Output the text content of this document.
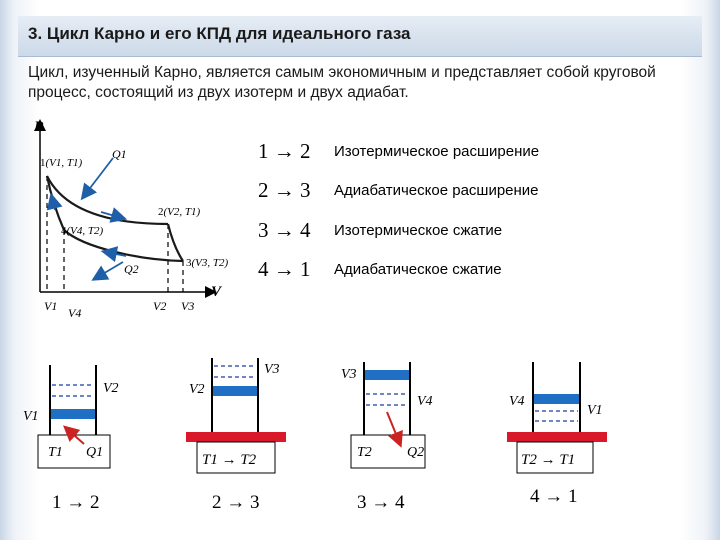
3. Цикл Карно и его КПД для идеального газа
Цикл, изученный Карно, является самым экономичным и представляет собой круговой процесс, состоящий из двух изотерм и двух адиабат.
P
V
1(V1, T1)
2(V2, T1)
3(V3, T2)
4(V4, T2)
Q1
Q2
V1 V4	V2 V3
V1
V2
T1 Q1
1 → 2
V2
V3
T1 → T2
2 → 3
V3
V4
T2	Q2
3 → 4
V4
V1
T2 → T1
4 → 1
1 → 2 Изотермическое расширение
2 → 3 Адиабатическое расширение
3 → 4 Изотермическое сжатие
4 → 1 Адиабатическое сжатие
